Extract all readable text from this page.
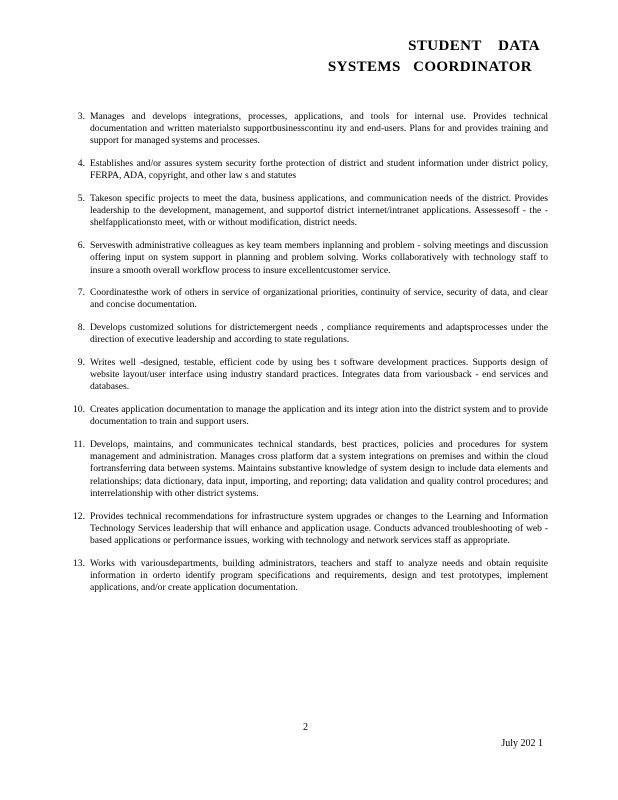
STUDENT    DATA
SYSTEMS   COORDINATOR
3. Manages and develops integrations, processes, applications, and tools for internal use. Provides technical documentation and written materialsto supportbusinesscontinu ity and end-users. Plans for and provides training and support for managed systems and processes.
4. Establishes and/or assures system security forthe protection of district and student information under district policy, FERPA, ADA, copyright, and other law s and statutes
5. Takeson specific projects to meet the data, business applications, and communication needs of the district. Provides leadership to the development, management, and supportof district internet/intranet applications. Assessesoff - the -shelfapplicationsto meet, with or without modification, district needs.
6. Serveswith administrative colleagues as key team members inplanning and problem - solving meetings and discussion offering input on system support in planning and problem solving. Works collaboratively with technology staff to insure a smooth overall workflow process to insure excellentcustomer service.
7. Coordinatesthe work of others in service of organizational priorities, continuity of service, security of data, and clear and concise documentation.
8. Develops customized solutions for districtemergent needs , compliance requirements and adaptsprocesses under the direction of executive leadership and according to state regulations.
9. Writes well -designed, testable, efficient code by using bes t software development practices. Supports design of website layout/user interface using industry standard practices. Integrates data from variousback - end services and databases.
10. Creates application documentation to manage the application and its integr ation into the district system and to provide documentation to train and support users.
11. Develops, maintains, and communicates technical standards, best practices, policies and procedures for system management and administration. Manages cross platform dat a system integrations on premises and within the cloud fortransferring data between systems. Maintains substantive knowledge of system design to include data elements and relationships; data dictionary, data input, importing, and reporting; data validation and quality control procedures; and interrelationship with other district systems.
12. Provides technical recommendations for infrastructure system upgrades or changes to the Learning and Information Technology Services leadership that will enhance and application usage. Conducts advanced troubleshooting of web -based applications or performance issues, working with technology and network services staff as appropriate.
13. Works with variousdepartments, building administrators, teachers and staff to analyze needs and obtain requisite information in orderto identify program specifications and requirements, design and test prototypes, implement applications, and/or create application documentation.
2
July 202 1
